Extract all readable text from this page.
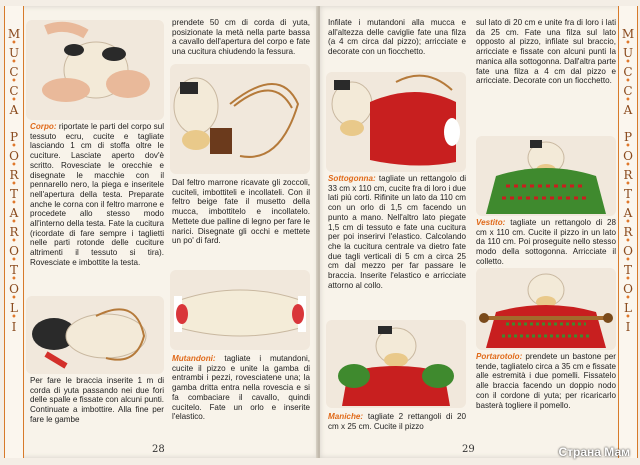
M
•
U
•
C
•
C
•
A
P
•
O
•
R
•
T
•
A
•
R
•
O
•
T
•
O
•
L
•
I
M
•
U
•
C
•
C
•
A
P
•
O
•
R
•
T
•
A
•
R
•
O
•
T
•
O
•
L
•
I
Corpo: riportate le parti del corpo sul tessuto ecru, cucite e tagliate lasciando 1 cm di stoffa oltre le cuciture. Lasciate aperto dov'è scritto. Rovesciate le orecchie e disegnate le macchie con il pennarello nero, la piega e inseritele nell'apertura della testa. Preparate anche le corna con il feltro marrone e procedete allo stesso modo all'interno della testa. Fate la cucitura (ricordate di fare sempre i taglietti nelle parti rotonde delle cuciture altrimenti il tessuto si tira). Rovesciate e imbottite la testa.
Per fare le braccia inserite 1 m di corda di yuta passando nei due fori delle spalle e fissate con alcuni punti. Continuate a imbottire. Alla fine per fare le gambe
prendete 50 cm di corda di yuta, posizionate la metà nella parte bassa a cavallo dell'apertura del corpo e fate una cucitura chiudendo la fessura.
Dal feltro marrone ricavate gli zoccoli, cuciteli, imbottiteli e incollateli. Con il feltro beige fate il musetto della mucca, imbottitelo e incollatelo. Mettete due palline di legno per fare le narici. Disegnate gli occhi e mettete un po' di fard.
Mutandoni: tagliate i mutandoni, cucite il pizzo e unite la gamba di entrambi i pezzi, rovesciatene una; la gamba dritta entra nella rovescia e si fa combaciare il cavallo, quindi cucitelo. Fate un orlo e inserite l'elastico.
28
Infilate i mutandoni alla mucca e all'altezza delle caviglie fate una filza (a 4 cm circa dal pizzo); arricciate e decorate con un fiocchetto.
Sottogonna: tagliate un rettangolo di 33 cm x 110 cm, cucite fra di loro i due lati più corti. Rifinite un lato da 110 cm con un orlo di 1,5 cm facendo un punto a mano. Nell'altro lato piegate 1,5 cm di tessuto e fate una cucitura per poi inserirvi l'elastico. Calcolando che la cucitura centrale va dietro fate due tagli verticali di 5 cm a circa 25 cm dal mezzo per far passare le braccia. Inserite l'elastico e arricciate attorno al collo.
Maniche: tagliate 2 rettangoli di 20 cm x 25 cm. Cucite il pizzo
sul lato di 20 cm e unite fra di loro i lati da 25 cm. Fate una filza sul lato opposto al pizzo, infilate sul braccio, arricciate e fissate con alcuni punti la manica alla sottogonna. Dall'altra parte fate una filza a 4 cm dal pizzo e arricciate. Decorate con un fiocchetto.
Vestito: tagliate un rettangolo di 28 cm x 110 cm. Cucite il pizzo in un lato da 110 cm. Poi proseguite nello stesso modo della sottogonna. Arricciate il colletto.
Portarotolo: prendete un bastone per tende, tagliatelo circa a 35 cm e fissate alle estremità i due pomelli. Fissatelo alle braccia facendo un doppio nodo con il cordone di yuta; per ricaricarlo basterà togliere il pomello.
29	Страна Мам
